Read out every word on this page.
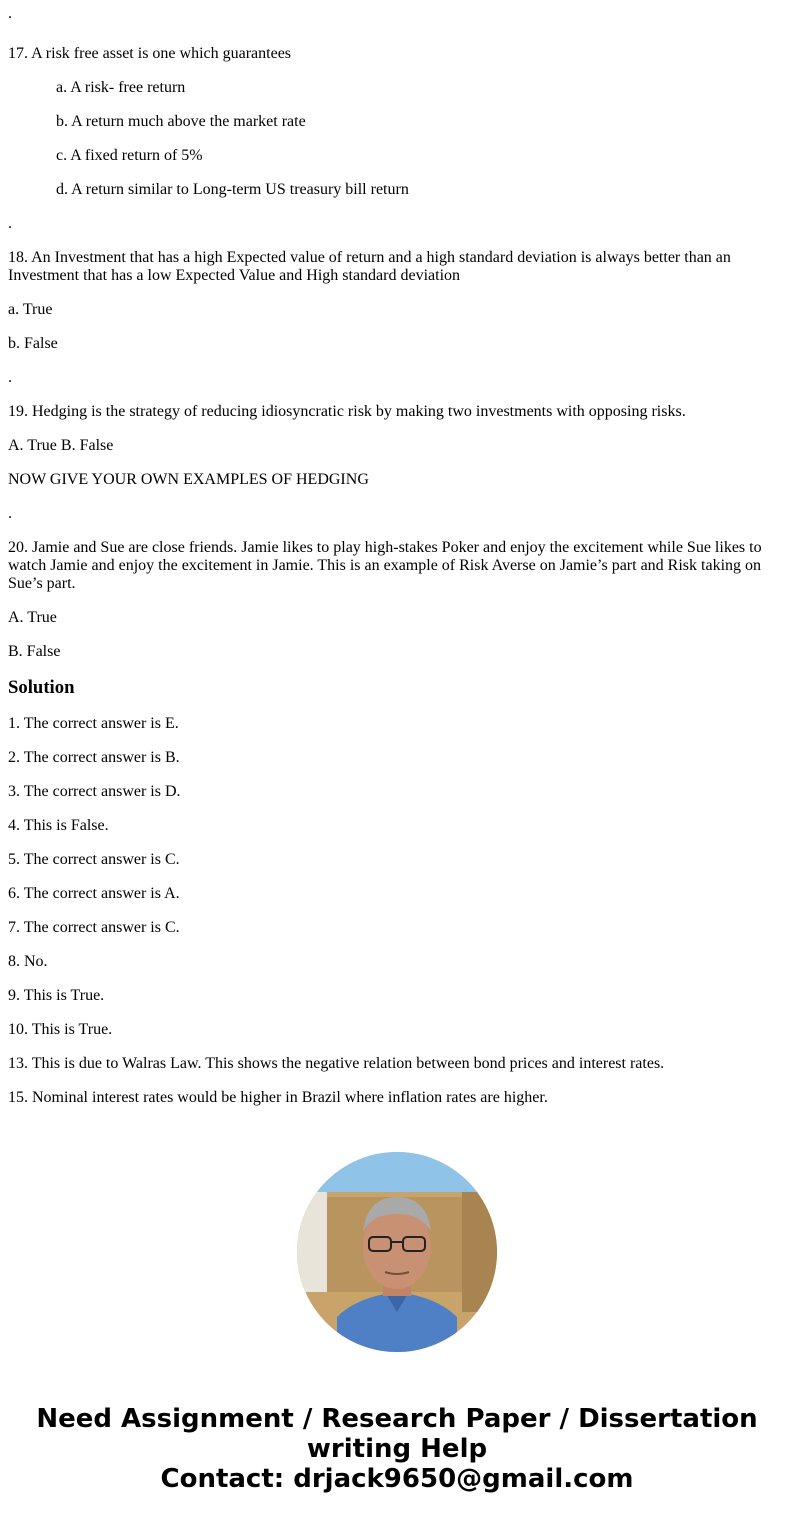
.

17. A risk free asset is one which guarantees

a. A risk- free return

b. A return much above the market rate

c. A fixed return of 5%

d. A return similar to Long-term US treasury bill return

.

18. An Investment that has a high Expected value of return and a high standard deviation is always better than an Investment that has a low Expected Value and High standard deviation

a. True

b. False

.

19. Hedging is the strategy of reducing idiosyncratic risk by making two investments with opposing risks.

A. True B. False

NOW GIVE YOUR OWN EXAMPLES OF HEDGING

.

20. Jamie and Sue are close friends. Jamie likes to play high-stakes Poker and enjoy the excitement while Sue likes to watch Jamie and enjoy the excitement in Jamie. This is an example of Risk Averse on Jamie’s part and Risk taking on Sue’s part.

A. True

B. False

Solution

1. The correct answer is E.

2. The correct answer is B.

3. The correct answer is D.

4. This is False.

5. The correct answer is C.

6. The correct answer is A.

7. The correct answer is C.

8. No.

9. This is True.

10. This is True.

13. This is due to Walras Law. This shows the negative relation between bond prices and interest rates.

15. Nominal interest rates would be higher in Brazil where inflation rates are higher.

Need Assignment / Research Paper / Dissertation
writing Help
Contact: drjack9650@gmail.com
